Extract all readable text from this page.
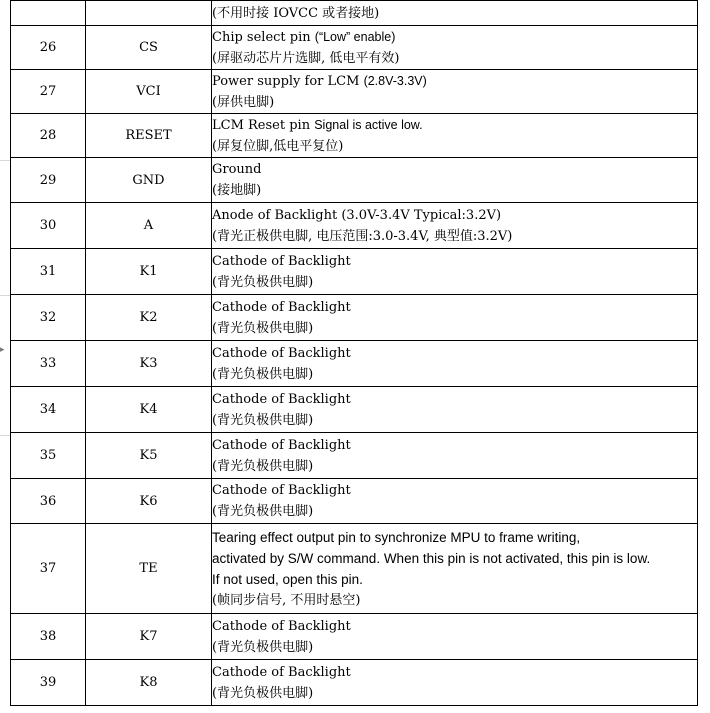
▸

		(不用时接 IOVCC 或者接地)

26	CS	Chip select pin (“Low” enable)
(屏驱动芯片片选脚, 低电平有效)

27	VCI	Power supply for LCM (2.8V-3.3V)
(屏供电脚)

28	RESET	LCM Reset pin Signal is active low.
(屏复位脚,低电平复位)

29	GND	Ground
(接地脚)

30	A	Anode of Backlight (3.0V-3.4V Typical:3.2V)
(背光正极供电脚, 电压范围:3.0-3.4V, 典型值:3.2V)

31	K1	Cathode of Backlight
(背光负极供电脚)

32	K2	Cathode of Backlight
(背光负极供电脚)

33	K3	Cathode of Backlight
(背光负极供电脚)

34	K4	Cathode of Backlight
(背光负极供电脚)

35	K5	Cathode of Backlight
(背光负极供电脚)

36	K6	Cathode of Backlight
(背光负极供电脚)

37	TE	Tearing effect output pin to synchronize MPU to frame writing,
activated by S/W command. When this pin is not activated, this pin is low.
If not used, open this pin.
(帧同步信号, 不用时悬空)

38	K7	Cathode of Backlight
(背光负极供电脚)

39	K8	Cathode of Backlight
(背光负极供电脚)
